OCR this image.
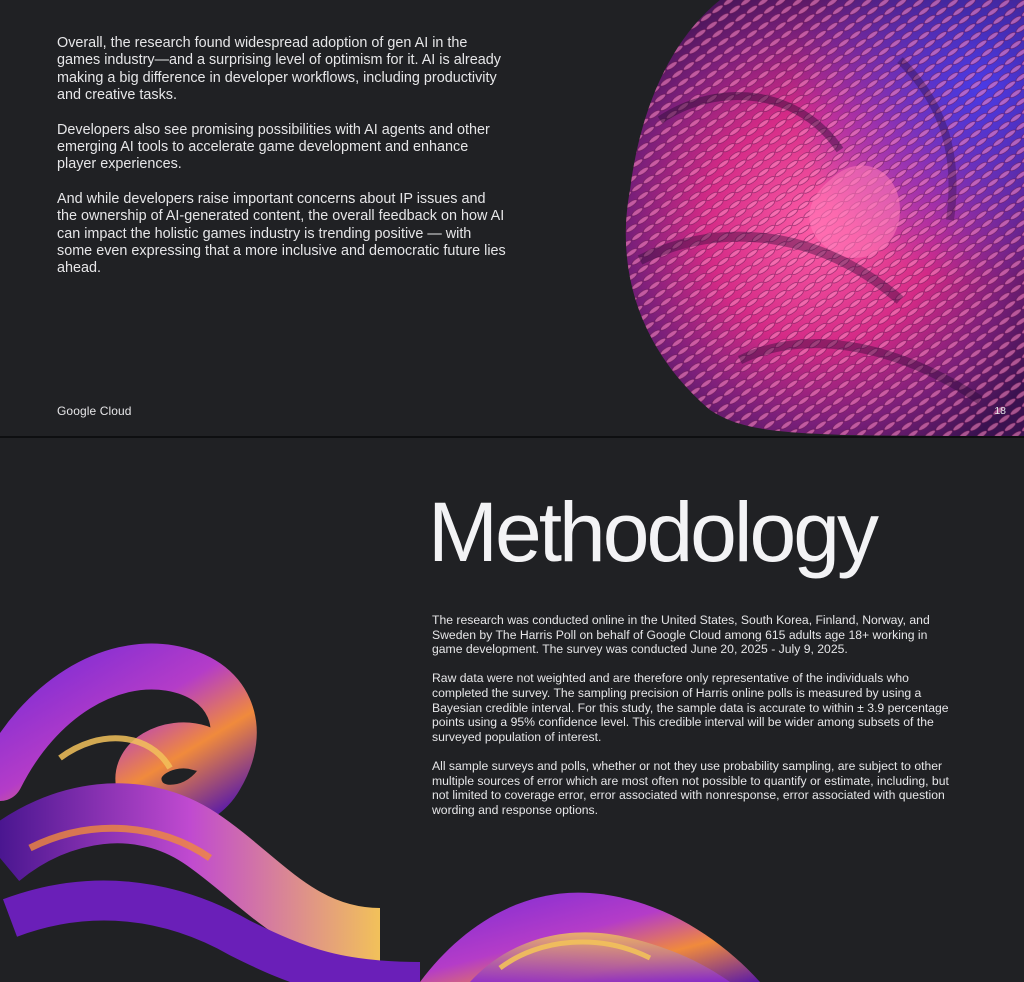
Overall, the research found widespread adoption of gen AI in the games industry—and a surprising level of optimism for it. AI is already making a big difference in developer workflows, including productivity and creative tasks.

Developers also see promising possibilities with AI agents and other emerging AI tools to accelerate game development and enhance player experiences.

And while developers raise important concerns about IP issues and the ownership of AI-generated content, the overall feedback on how AI can impact the holistic games industry is trending positive — with some even expressing that a more inclusive and democratic future lies ahead.

Google Cloud	18
Methodology

The research was conducted online in the United States, South Korea, Finland, Norway, and Sweden by The Harris Poll on behalf of Google Cloud among 615 adults age 18+ working in game development. The survey was conducted June 20, 2025 - July 9, 2025.

Raw data were not weighted and are therefore only representative of the individuals who completed the survey. The sampling precision of Harris online polls is measured by using a Bayesian credible interval. For this study, the sample data is accurate to within ± 3.9 percentage points using a 95% confidence level. This credible interval will be wider among subsets of the surveyed population of interest.

All sample surveys and polls, whether or not they use probability sampling, are subject to other multiple sources of error which are most often not possible to quantify or estimate, including, but not limited to coverage error, error associated with nonresponse, error associated with question wording and response options.
